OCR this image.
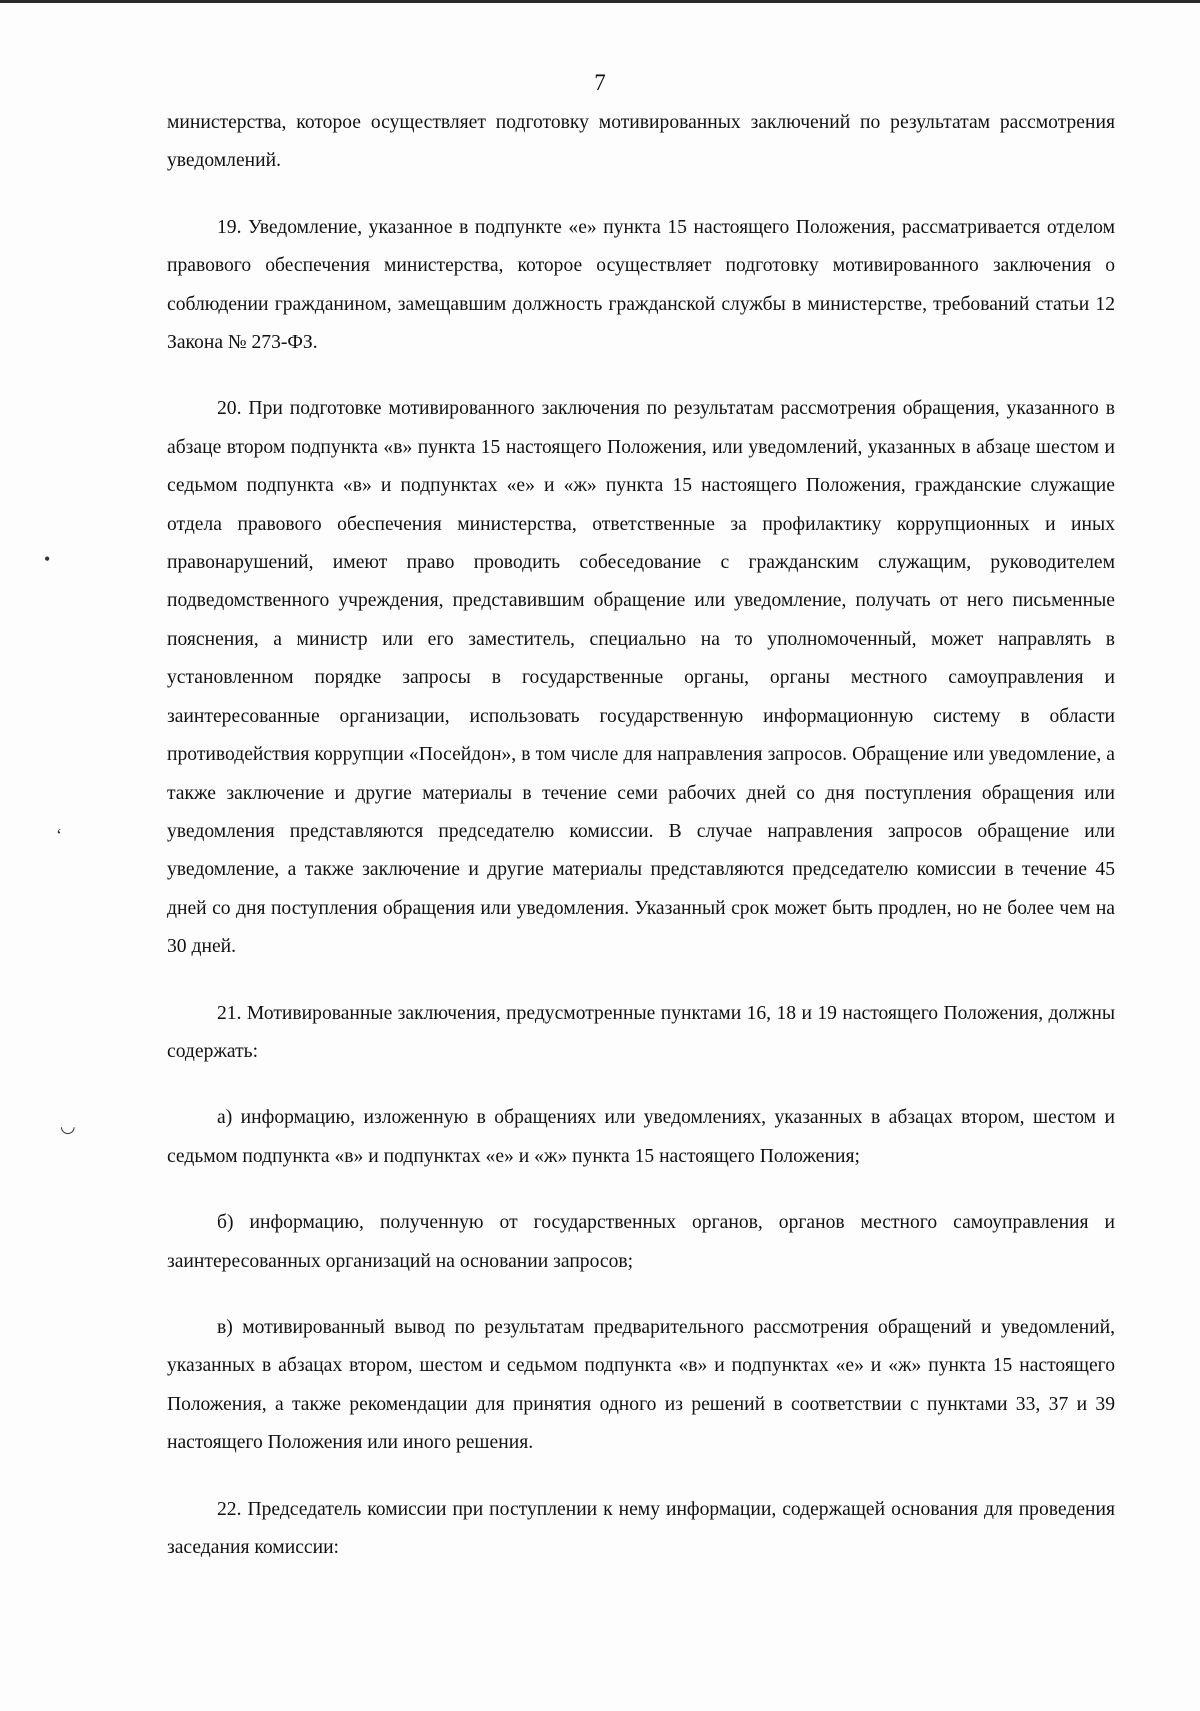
7

министерства, которое осуществляет подготовку мотивированных заключений по результатам рассмотрения уведомлений.

19. Уведомление, указанное в подпункте «е» пункта 15 настоящего Положения, рассматривается отделом правового обеспечения министерства, которое осуществляет подготовку мотивированного заключения о соблюдении гражданином, замещавшим должность гражданской службы в министерстве, требований статьи 12 Закона № 273-ФЗ.

20. При подготовке мотивированного заключения по результатам рассмотрения обращения, указанного в абзаце втором подпункта «в» пункта 15 настоящего Положения, или уведомлений, указанных в абзаце шестом и седьмом подпункта «в» и подпунктах «е» и «ж» пункта 15 настоящего Положения, гражданские служащие отдела правового обеспечения министерства, ответственные за профилактику коррупционных и иных правонарушений, имеют право проводить собеседование с гражданским служащим, руководителем подведомственного учреждения, представившим обращение или уведомление, получать от него письменные пояснения, а министр или его заместитель, специально на то уполномоченный, может направлять в установленном порядке запросы в государственные органы, органы местного самоуправления и заинтересованные организации, использовать государственную информационную систему в области противодействия коррупции «Посейдон», в том числе для направления запросов. Обращение или уведомление, а также заключение и другие материалы в течение семи рабочих дней со дня поступления обращения или уведомления представляются председателю комиссии. В случае направления запросов обращение или уведомление, а также заключение и другие материалы представляются председателю комиссии в течение 45 дней со дня поступления обращения или уведомления. Указанный срок может быть продлен, но не более чем на 30 дней.

21. Мотивированные заключения, предусмотренные пунктами 16, 18 и 19 настоящего Положения, должны содержать:

а) информацию, изложенную в обращениях или уведомлениях, указанных в абзацах втором, шестом и седьмом подпункта «в» и подпунктах «е» и «ж» пункта 15 настоящего Положения;

б) информацию, полученную от государственных органов, органов местного самоуправления и заинтересованных организаций на основании запросов;

в) мотивированный вывод по результатам предварительного рассмотрения обращений и уведомлений, указанных в абзацах втором, шестом и седьмом подпункта «в» и подпунктах «е» и «ж» пункта 15 настоящего Положения, а также рекомендации для принятия одного из решений в соответствии с пунктами 33, 37 и 39 настоящего Положения или иного решения.

22. Председатель комиссии при поступлении к нему информации, содержащей основания для проведения заседания комиссии:

•
ʻ
◡
